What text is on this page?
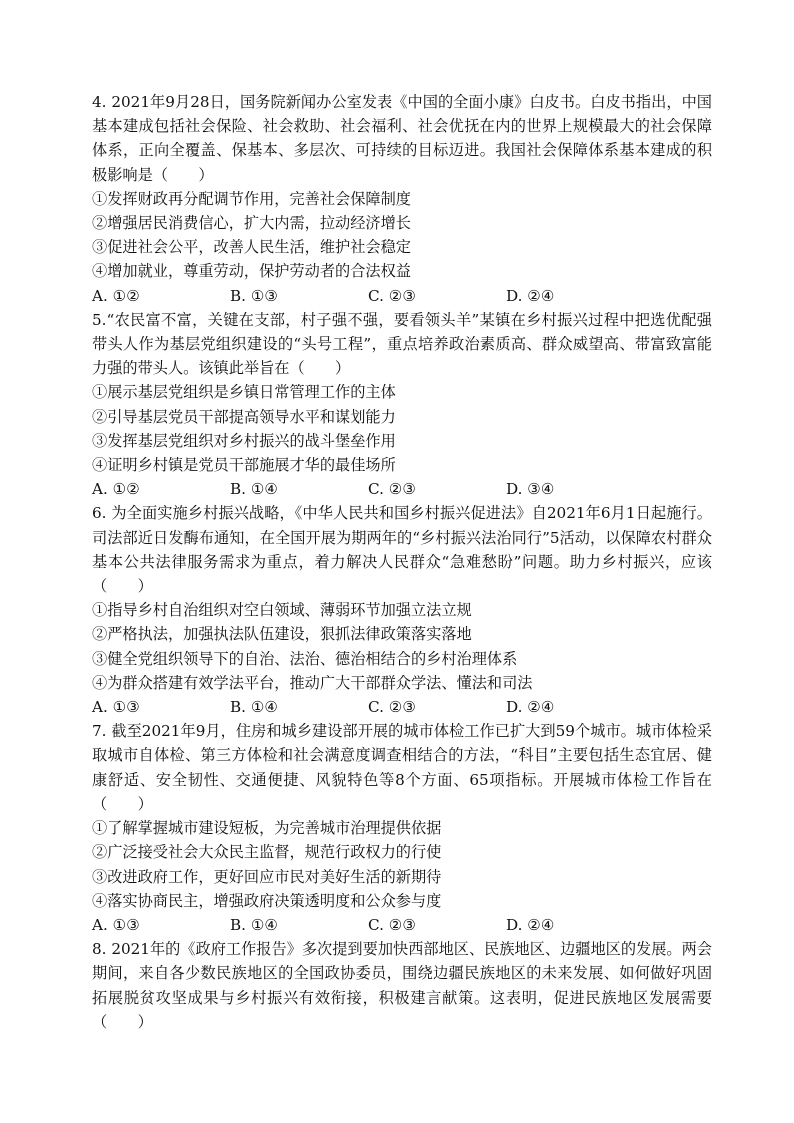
4. 2021年9月28日，国务院新闻办公室发表《中国的全面小康》白皮书。白皮书指出，中国基本建成包括社会保险、社会救助、社会福利、社会优抚在内的世界上规模最大的社会保障体系，正向全覆盖、保基本、多层次、可持续的目标迈进。我国社会保障体系基本建成的积极影响是（　　）

①发挥财政再分配调节作用，完善社会保障制度

②增强居民消费信心，扩大内需，拉动经济增长

③促进社会公平，改善人民生活，维护社会稳定

④增加就业，尊重劳动，保护劳动者的合法权益

A. ①②	B. ①③	C. ②③	D. ②④

5.“农民富不富，关键在支部，村子强不强，要看领头羊”某镇在乡村振兴过程中把选优配强带头人作为基层党组织建设的“头号工程”，重点培养政治素质高、群众威望高、带富致富能力强的带头人。该镇此举旨在（　　）

①展示基层党组织是乡镇日常管理工作的主体

②引导基层党员干部提高领导水平和谋划能力

③发挥基层党组织对乡村振兴的战斗堡垒作用

④证明乡村镇是党员干部施展才华的最佳场所

A. ①②	B. ①④	C. ②③	D. ③④

6. 为全面实施乡村振兴战略，《中华人民共和国乡村振兴促进法》自2021年6月1日起施行。司法部近日发酶布通知，在全国开展为期两年的“乡村振兴法治同行”5活动，以保障农村群众基本公共法律服务需求为重点，着力解决人民群众“急难愁盼”问题。助力乡村振兴，应该（　　）

①指导乡村自治组织对空白领域、薄弱环节加强立法立规

②严格执法，加强执法队伍建设，狠抓法律政策落实落地

③健全党组织领导下的自治、法治、德治相结合的乡村治理体系

④为群众搭建有效学法平台，推动广大干部群众学法、懂法和司法

A. ①③	B. ①④	C. ②③	D. ②④

7. 截至2021年9月，住房和城乡建设部开展的城市体检工作已扩大到59个城市。城市体检采取城市自体检、第三方体检和社会满意度调查相结合的方法，“科目”主要包括生态宜居、健康舒适、安全韧性、交通便捷、风貌特色等8个方面、65项指标。开展城市体检工作旨在（　　）

①了解掌握城市建设短板，为完善城市治理提供依据

②广泛接受社会大众民主监督，规范行政权力的行使

③改进政府工作，更好回应市民对美好生活的新期待

④落实协商民主，增强政府决策透明度和公众参与度

A. ①③	B. ①④	C. ②③	D. ②④

8. 2021年的《政府工作报告》多次提到要加快西部地区、民族地区、边疆地区的发展。两会期间，来自各少数民族地区的全国政协委员，围绕边疆民族地区的未来发展、如何做好巩固拓展脱贫攻坚成果与乡村振兴有效衔接，积极建言献策。这表明，促进民族地区发展需要（　　）
